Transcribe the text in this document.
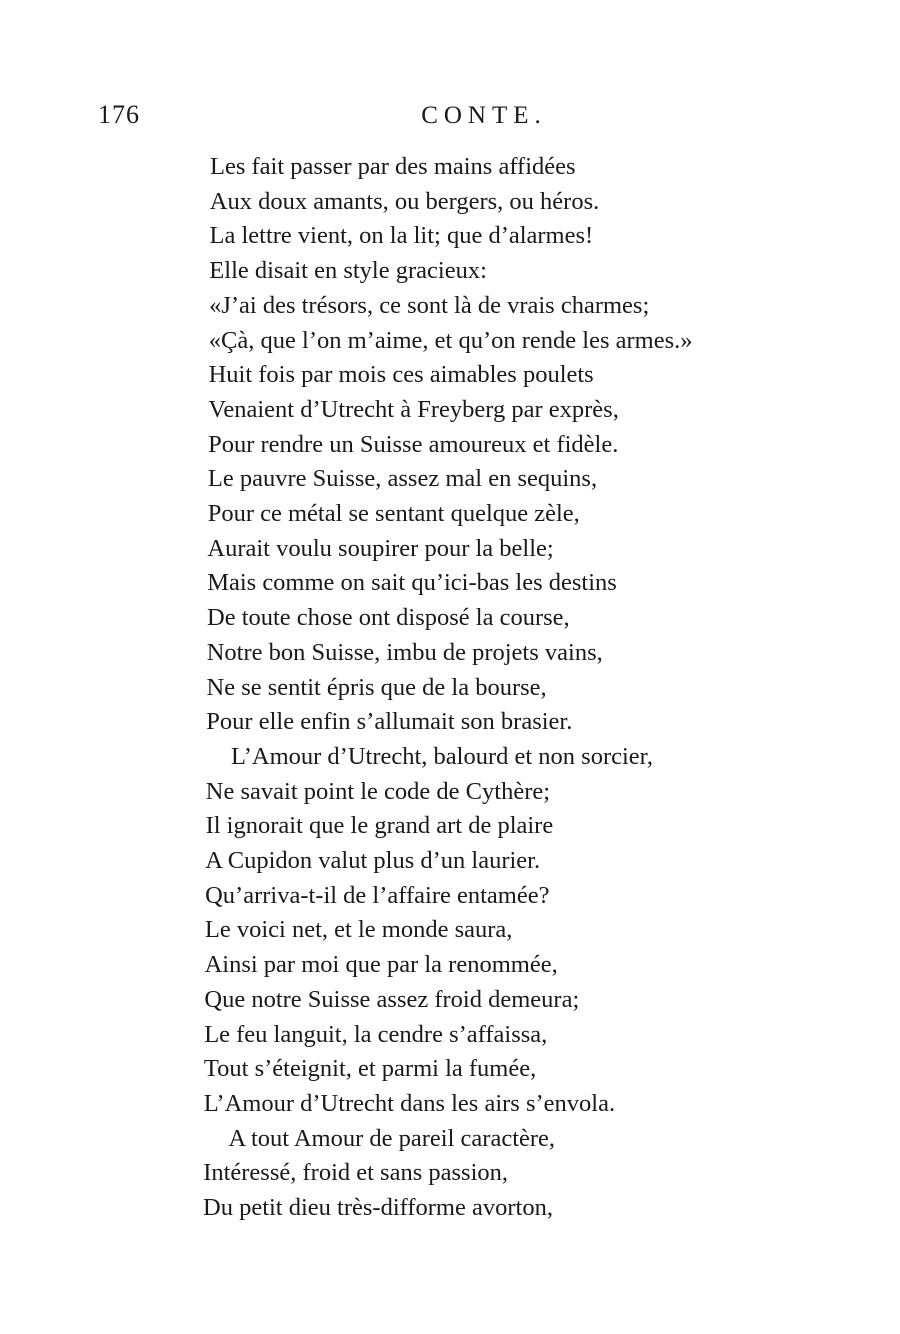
176	CONTE.
Les fait passer par des mains affidées
Aux doux amants, ou bergers, ou héros.
La lettre vient, on la lit; que d’alarmes!
Elle disait en style gracieux:
«J’ai des trésors, ce sont là de vrais charmes;
«Çà, que l’on m’aime, et qu’on rende les armes.»
Huit fois par mois ces aimables poulets
Venaient d’Utrecht à Freyberg par exprès,
Pour rendre un Suisse amoureux et fidèle.
Le pauvre Suisse, assez mal en sequins,
Pour ce métal se sentant quelque zèle,
Aurait voulu soupirer pour la belle;
Mais comme on sait qu’ici-bas les destins
De toute chose ont disposé la course,
Notre bon Suisse, imbu de projets vains,
Ne se sentit épris que de la bourse,
Pour elle enfin s’allumait son brasier.
L’Amour d’Utrecht, balourd et non sorcier,
Ne savait point le code de Cythère;
Il ignorait que le grand art de plaire
A Cupidon valut plus d’un laurier.
Qu’arriva-t-il de l’affaire entamée?
Le voici net, et le monde saura,
Ainsi par moi que par la renommée,
Que notre Suisse assez froid demeura;
Le feu languit, la cendre s’affaissa,
Tout s’éteignit, et parmi la fumée,
L’Amour d’Utrecht dans les airs s’envola.
A tout Amour de pareil caractère,
Intéressé, froid et sans passion,
Du petit dieu très-difforme avorton,
